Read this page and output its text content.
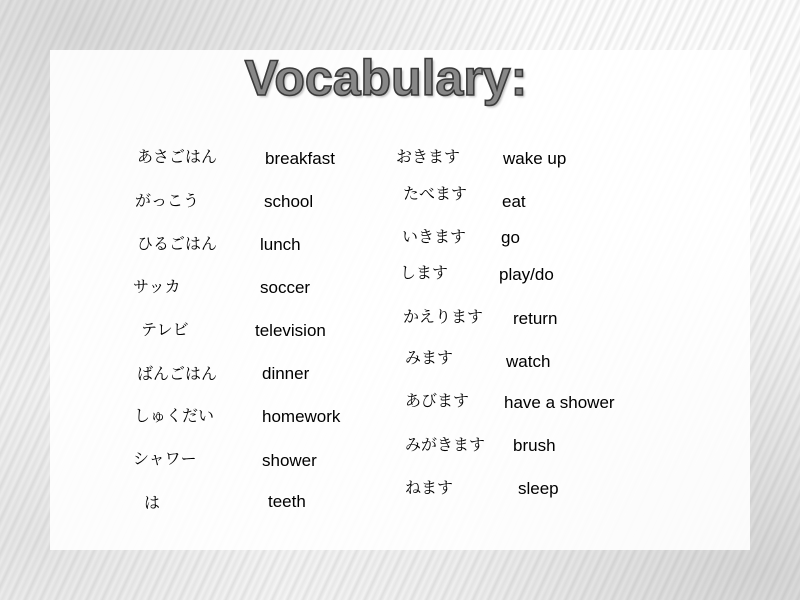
Vocabulary:
あさごはん
がっこう
ひるごはん
サッカ
テレビ
ばんごはん
しゅくだい
シャワー
は
breakfast
school
lunch
soccer
television
dinner
homework
shower
teeth
おきます
たべます
いきます
します
かえります
みます
あびます
みがきます
ねます
wake up
eat
go
play/do
return
watch
have a shower
brush
sleep
